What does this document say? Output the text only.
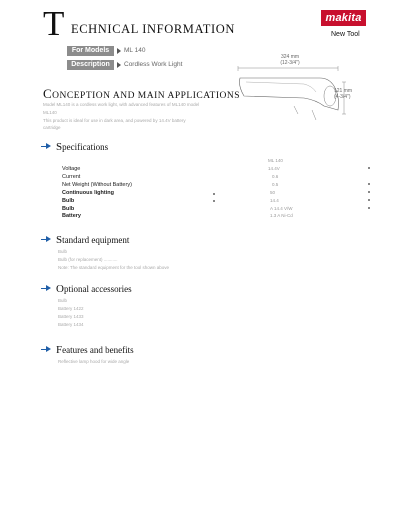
T ECHNICAL INFORMATION
makita
New Tool
For Models	ML 140
Description	Cordless Work Light
324 mm
(12-3/4")
121 mm
(4-3/4")
CONCEPTION AND MAIN APPLICATIONS
Model ML140 is a cordless work light, with advanced features of ML140 model
ML140
This product is ideal for use in dark area, and powered by 14.4V battery
cartridge
Specifications
ML 140
Voltage	14.4V
Current	0.6
Net Weight (Without Battery)	0.5
Continuous lighting	50
Bulb	14.4
Bulb	A 14.4 V/W
Battery	1.3 A Ni-Cd
Standard equipment
Bulb
Bulb (for replacement) ...........
Note: The standard equipment for the tool shown above
Optional accessories
Bulb
Battery 1422
Battery 1433
Battery 1434
Features and benefits
Reflective lamp hood for wide angle
